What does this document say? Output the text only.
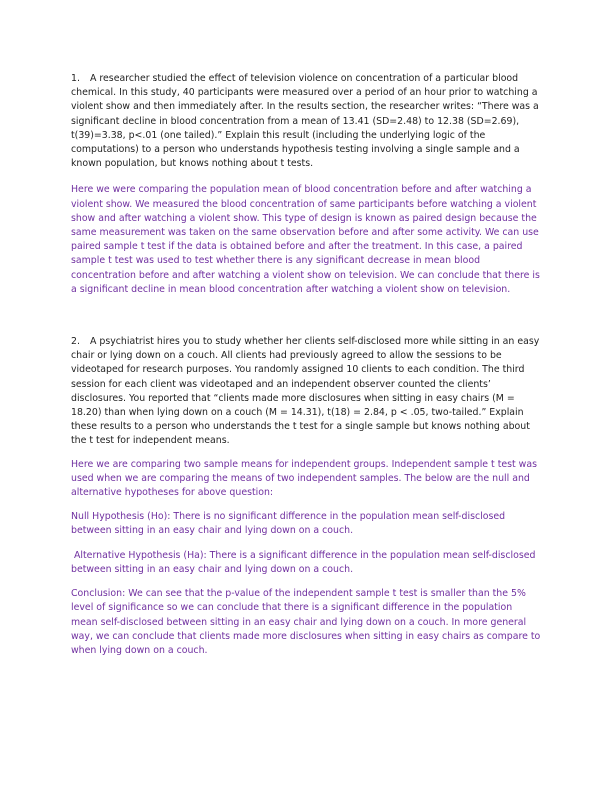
1. A researcher studied the effect of television violence on concentration of a particular blood chemical. In this study, 40 participants were measured over a period of an hour prior to watching a violent show and then immediately after. In the results section, the researcher writes: “There was a significant decline in blood concentration from a mean of 13.41 (SD=2.48) to 12.38 (SD=2.69), t(39)=3.38, p<.01 (one tailed).” Explain this result (including the underlying logic of the computations) to a person who understands hypothesis testing involving a single sample and a known population, but knows nothing about t tests.

Here we were comparing the population mean of blood concentration before and after watching a violent show. We measured the blood concentration of same participants before watching a violent show and after watching a violent show. This type of design is known as paired design because the same measurement was taken on the same observation before and after some activity. We can use paired sample t test if the data is obtained before and after the treatment. In this case, a paired sample t test was used to test whether there is any significant decrease in mean blood concentration before and after watching a violent show on television. We can conclude that there is a significant decline in mean blood concentration after watching a violent show on television.

2. A psychiatrist hires you to study whether her clients self-disclosed more while sitting in an easy chair or lying down on a couch. All clients had previously agreed to allow the sessions to be videotaped for research purposes. You randomly assigned 10 clients to each condition. The third session for each client was videotaped and an independent observer counted the clients’ disclosures. You reported that “clients made more disclosures when sitting in easy chairs (M = 18.20) than when lying down on a couch (M = 14.31), t(18) = 2.84, p < .05, two-tailed.” Explain these results to a person who understands the t test for a single sample but knows nothing about the t test for independent means.

Here we are comparing two sample means for independent groups. Independent sample t test was used when we are comparing the means of two independent samples. The below are the null and alternative hypotheses for above question:

Null Hypothesis (Ho): There is no significant difference in the population mean self-disclosed between sitting in an easy chair and lying down on a couch.

Alternative Hypothesis (Ha): There is a significant difference in the population mean self-disclosed between sitting in an easy chair and lying down on a couch.

Conclusion: We can see that the p-value of the independent sample t test is smaller than the 5% level of significance so we can conclude that there is a significant difference in the population mean self-disclosed between sitting in an easy chair and lying down on a couch. In more general way, we can conclude that clients made more disclosures when sitting in easy chairs as compare to when lying down on a couch.
